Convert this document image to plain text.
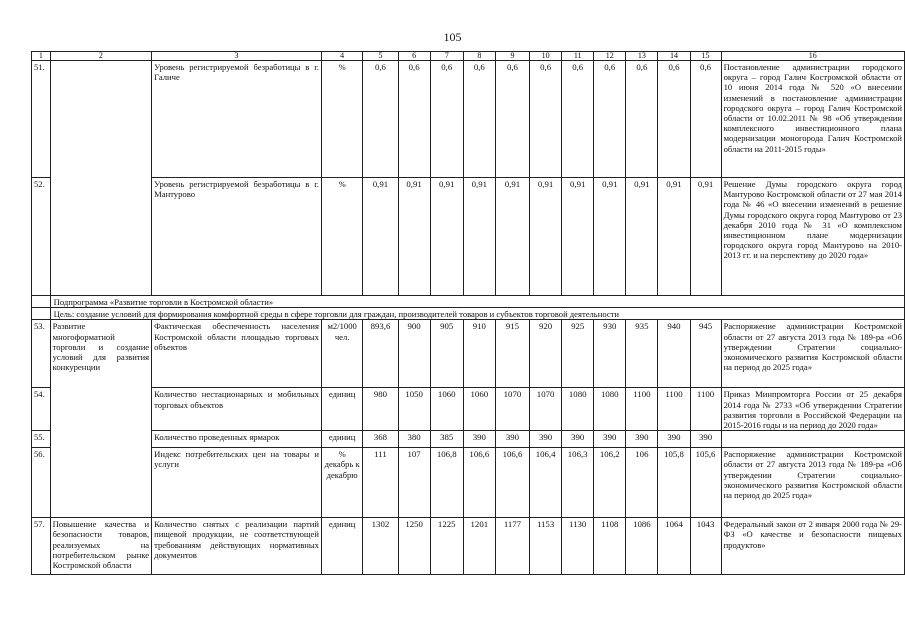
105
1	2	3	4	5	6	7	8	9	10	11	12	13	14	15	16
51.		Уровень регистрируемой безработицы в г. Галиче	%	0,6	0,6	0,6	0,6	0,6	0,6	0,6	0,6	0,6	0,6	0,6	Постановление администрации городского округа – город Галич Костромской области от 10 июня 2014 года № 520 «О внесении изменений в постановление администрации городского округа – город Галич Костромской области от 10.02.2011 № 98 «Об утверждении комплексного инвестиционного плана модернизации моногорода Галич Костромской области на 2011-2015 годы»
52.		Уровень регистрируемой безработицы в г. Мантурово	%	0,91	0,91	0,91	0,91	0,91	0,91	0,91	0,91	0,91	0,91	0,91	Решение Думы городского округа город Мантурово Костромской области от 27 мая 2014 года № 46 «О внесении изменений в решение Думы городского округа город Мантурово от 23 декабря 2010 года № 31 «О комплексном инвестиционном плане модернизации городского округа город Мантурово на 2010-2013 гг. и на перспективу до 2020 года»
	Подпрограмма «Развитие торговли в Костромской области»														
	Цель: создание условий для формирования комфортной среды в сфере торговли для граждан, производителей товаров и субъектов торговой деятельности														
53.	Развитие многоформатной торговли и создание условий для развития конкуренции	Фактическая обеспеченность населения Костромской области площадью торговых объектов	м2/1000 чел.	893,6	900	905	910	915	920	925	930	935	940	945	Распоряжение администрации Костромской области от 27 августа 2013 года № 189-ра «Об утверждении Стратегии социально-экономического развития Костромской области на период до 2025 года»
54.		Количество нестационарных и мобильных торговых объектов	единиц	980	1050	1060	1060	1070	1070	1080	1080	1100	1100	1100	Приказ Минпромторга России от 25 декабря 2014 года № 2733 «Об утверждении Стратегии развития торговли в Российской Федерации на 2015-2016 годы и на период до 2020 года»
55.		Количество проведенных ярмарок	единиц	368	380	385	390	390	390	390	390	390	390	390	
56.		Индекс потребительских цен на товары и услуги	% декабрь к декабрю	111	107	106,8	106,6	106,6	106,4	106,3	106,2	106	105,8	105,6	Распоряжение администрации Костромской области от 27 августа 2013 года № 189-ра «Об утверждении Стратегии социально-экономического развития Костромской области на период до 2025 года»
57.	Повышение качества и безопасности товаров, реализуемых на потребительском рынке Костромской области	Количество снятых с реализации партий пищевой продукции, не соответствующей требованиям действующих нормативных документов	единиц	1302	1250	1225	1201	1177	1153	1130	1108	1086	1064	1043	Федеральный закон от 2 января 2000 года № 29-ФЗ «О качестве и безопасности пищевых продуктов»
